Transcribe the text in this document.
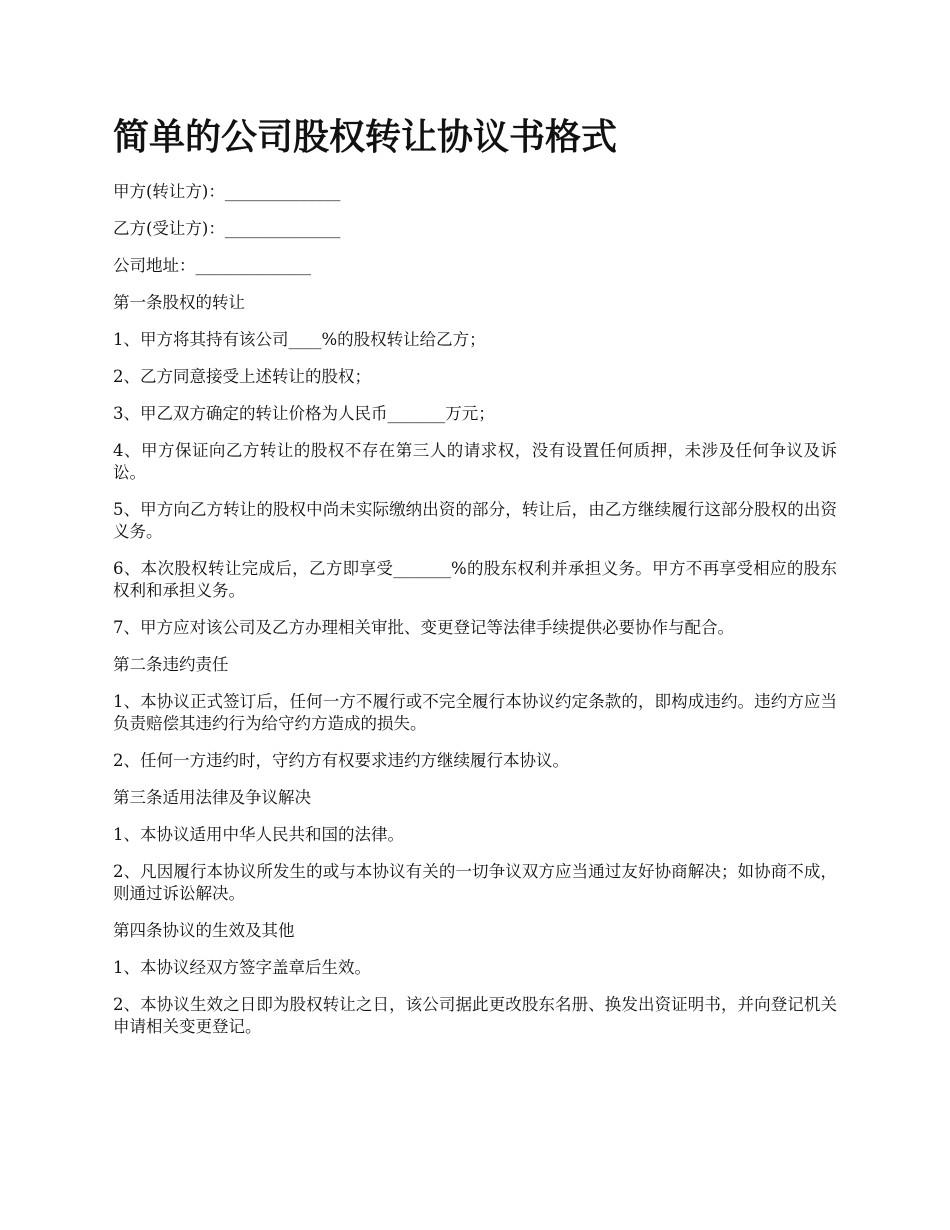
简单的公司股权转让协议书格式

甲方(转让方)：______________

乙方(受让方)：______________

公司地址：______________

第一条股权的转让

1、甲方将其持有该公司____%的股权转让给乙方；

2、乙方同意接受上述转让的股权；

3、甲乙双方确定的转让价格为人民币_______万元；

4、甲方保证向乙方转让的股权不存在第三人的请求权，没有设置任何质押，未涉及任何争议及诉讼。

5、甲方向乙方转让的股权中尚未实际缴纳出资的部分，转让后，由乙方继续履行这部分股权的出资义务。

6、本次股权转让完成后，乙方即享受_______%的股东权利并承担义务。甲方不再享受相应的股东权利和承担义务。

7、甲方应对该公司及乙方办理相关审批、变更登记等法律手续提供必要协作与配合。

第二条违约责任

1、本协议正式签订后，任何一方不履行或不完全履行本协议约定条款的，即构成违约。违约方应当负责赔偿其违约行为给守约方造成的损失。

2、任何一方违约时，守约方有权要求违约方继续履行本协议。

第三条适用法律及争议解决

1、本协议适用中华人民共和国的法律。

2、凡因履行本协议所发生的或与本协议有关的一切争议双方应当通过友好协商解决；如协商不成，则通过诉讼解决。

第四条协议的生效及其他

1、本协议经双方签字盖章后生效。

2、本协议生效之日即为股权转让之日，该公司据此更改股东名册、换发出资证明书，并向登记机关申请相关变更登记。
